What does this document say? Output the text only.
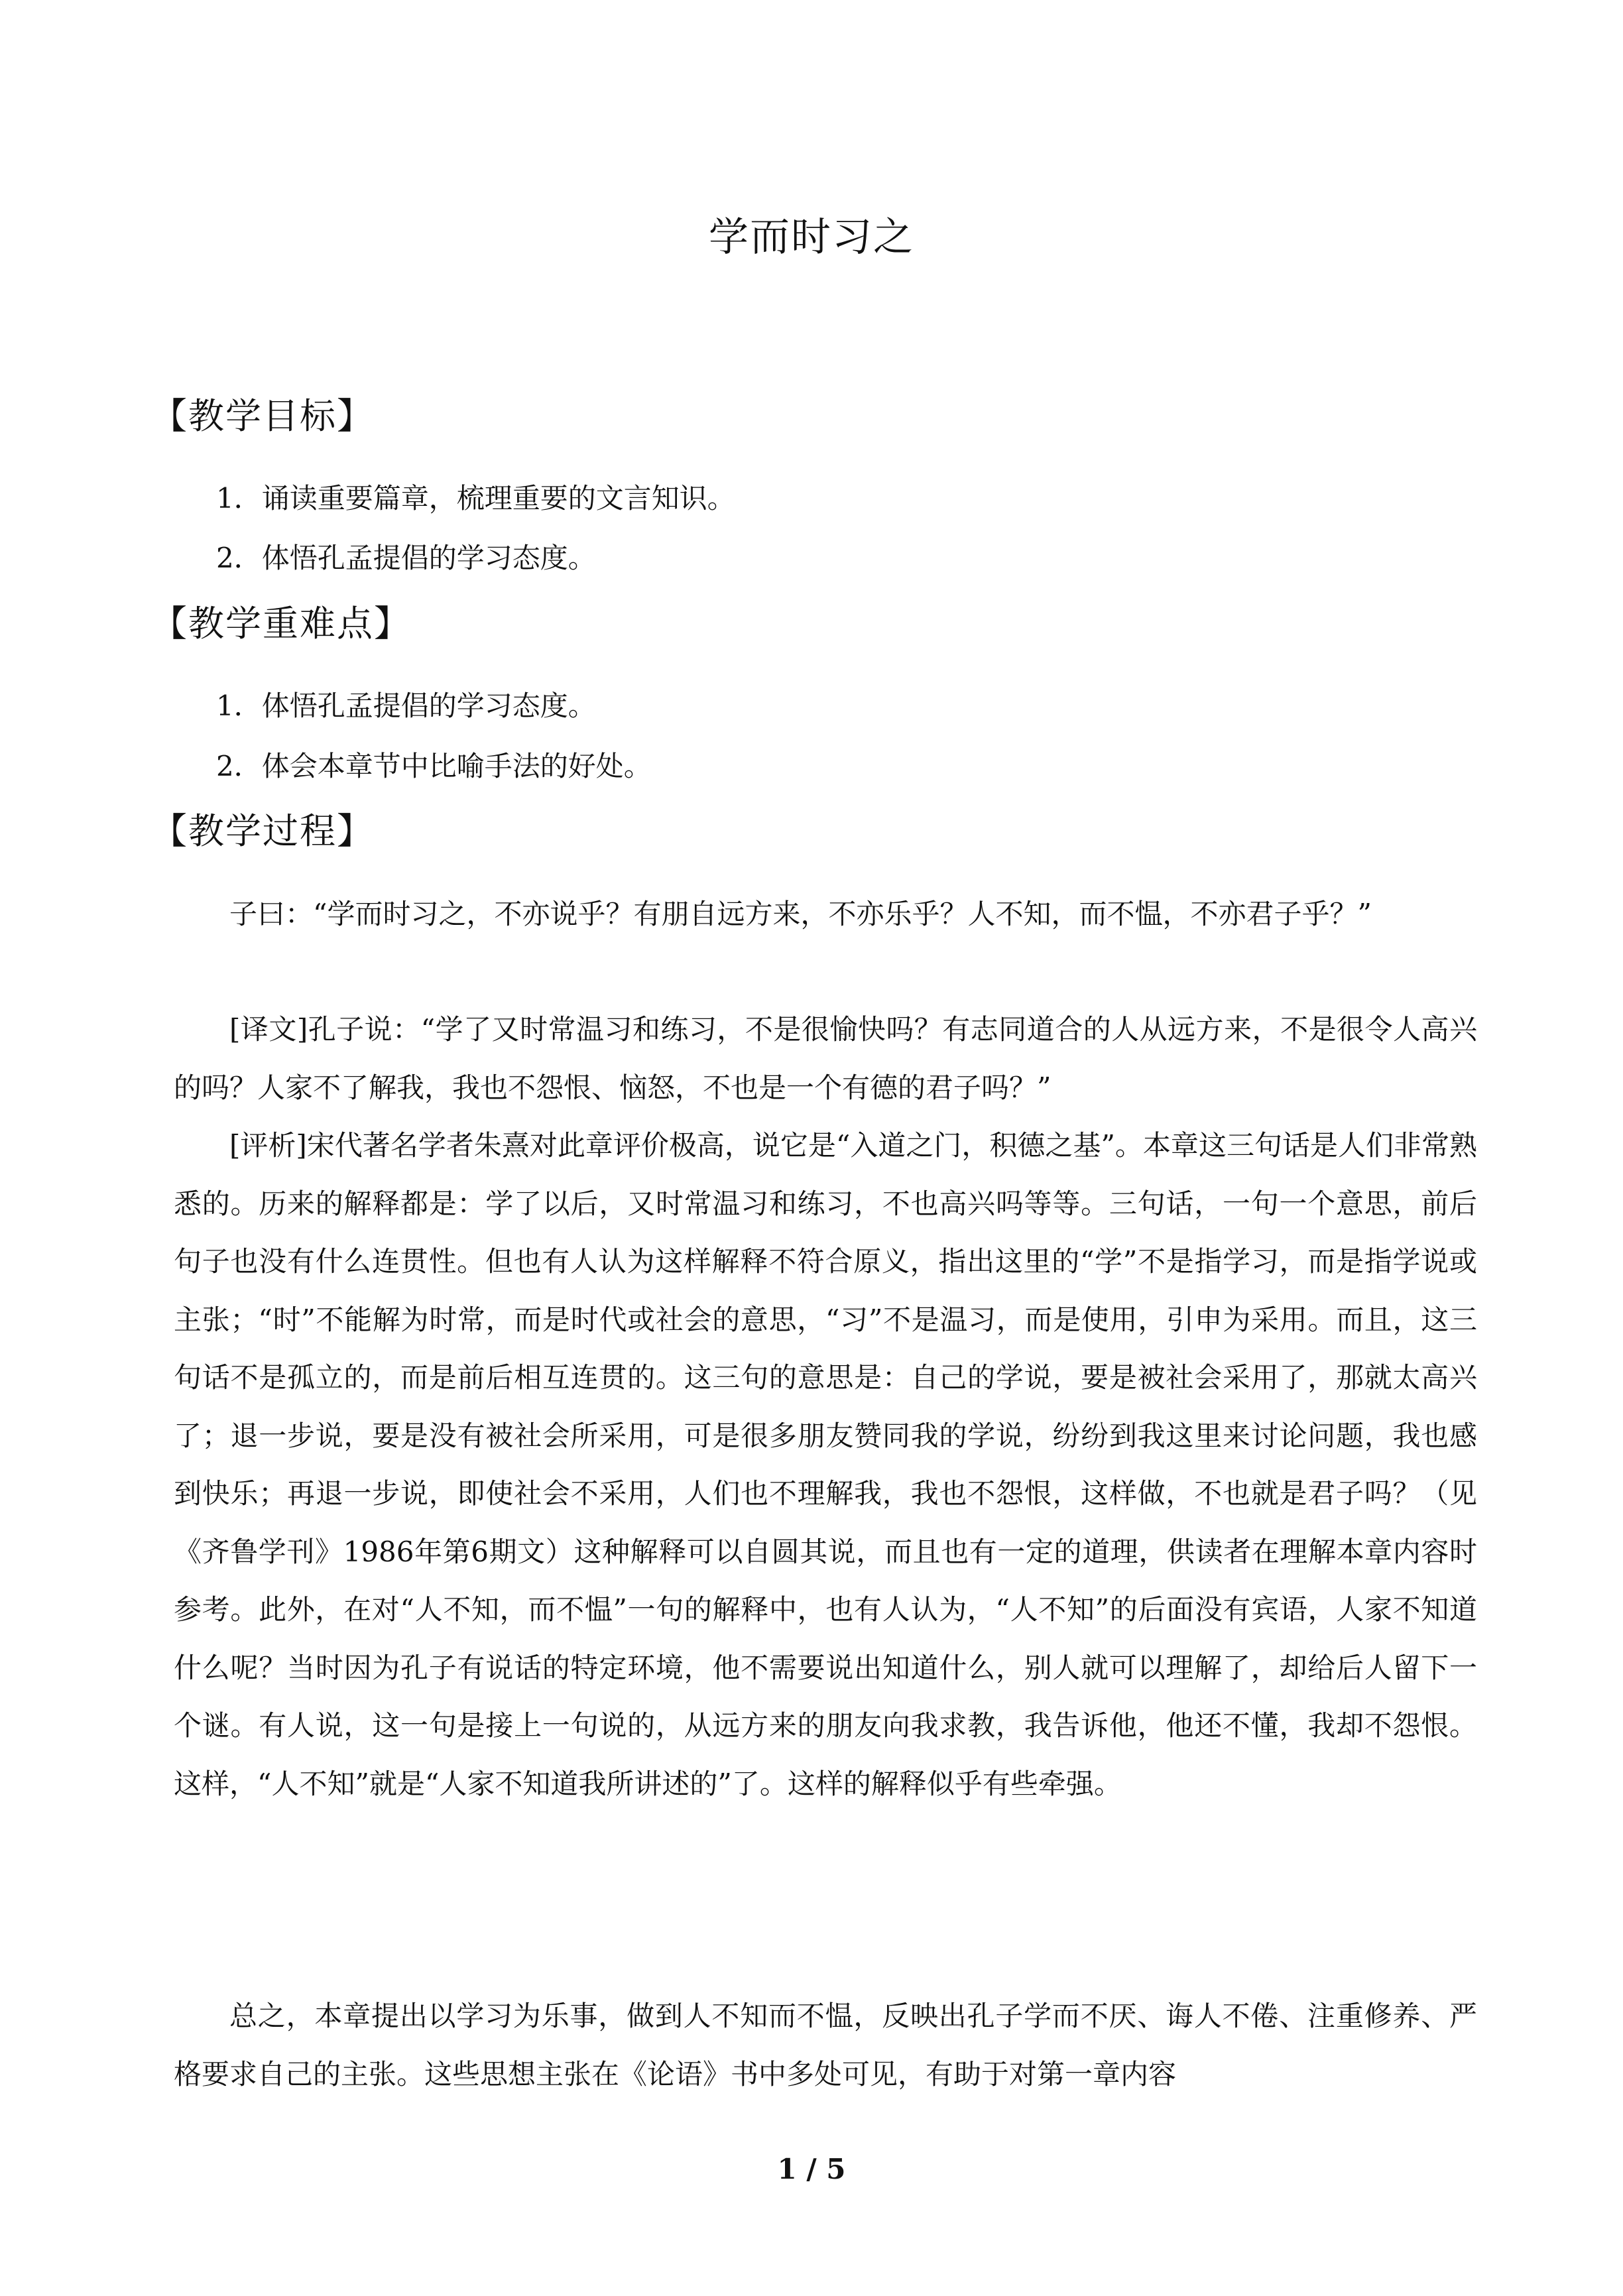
学而时习之
【教学目标】
1．诵读重要篇章，梳理重要的文言知识。
2．体悟孔孟提倡的学习态度。
【教学重难点】
1．体悟孔孟提倡的学习态度。
2．体会本章节中比喻手法的好处。
【教学过程】

子曰：“学而时习之，不亦说乎？有朋自远方来，不亦乐乎？人不知，而不愠，不亦君子乎？”

[译文]孔子说：“学了又时常温习和练习，不是很愉快吗？有志同道合的人从远方来，不是很令人高兴的吗？人家不了解我，我也不怨恨、恼怒，不也是一个有德的君子吗？”

[评析]宋代著名学者朱熹对此章评价极高，说它是“入道之门，积德之基”。本章这三句话是人们非常熟悉的。历来的解释都是：学了以后，又时常温习和练习，不也高兴吗等等。三句话，一句一个意思，前后句子也没有什么连贯性。但也有人认为这样解释不符合原义，指出这里的“学”不是指学习，而是指学说或主张；“时”不能解为时常，而是时代或社会的意思，“习”不是温习，而是使用，引申为采用。而且，这三句话不是孤立的，而是前后相互连贯的。这三句的意思是：自己的学说，要是被社会采用了，那就太高兴了；退一步说，要是没有被社会所采用，可是很多朋友赞同我的学说，纷纷到我这里来讨论问题，我也感到快乐；再退一步说，即使社会不采用，人们也不理解我，我也不怨恨，这样做，不也就是君子吗？（见《齐鲁学刊》1986年第6期文）这种解释可以自圆其说，而且也有一定的道理，供读者在理解本章内容时参考。此外，在对“人不知，而不愠”一句的解释中，也有人认为，“人不知”的后面没有宾语，人家不知道什么呢？当时因为孔子有说话的特定环境，他不需要说出知道什么，别人就可以理解了，却给后人留下一个谜。有人说，这一句是接上一句说的，从远方来的朋友向我求教，我告诉他，他还不懂，我却不怨恨。这样，“人不知”就是“人家不知道我所讲述的”了。这样的解释似乎有些牵强。

总之，本章提出以学习为乐事，做到人不知而不愠，反映出孔子学而不厌、诲人不倦、注重修养、严格要求自己的主张。这些思想主张在《论语》书中多处可见，有助于对第一章内容

1 / 5
